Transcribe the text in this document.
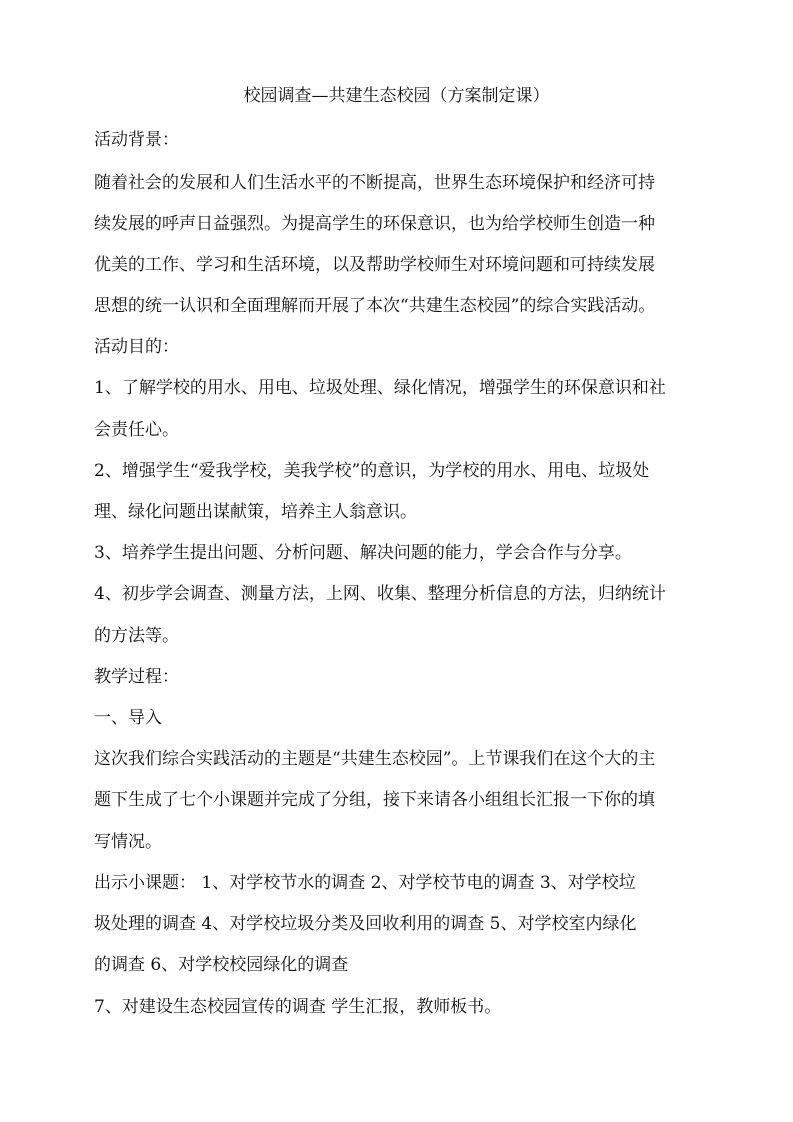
校园调查—共建生态校园（方案制定课）
活动背景：
随着社会的发展和人们生活水平的不断提高，世界生态环境保护和经济可持
续发展的呼声日益强烈。为提高学生的环保意识，也为给学校师生创造一种
优美的工作、学习和生活环境，以及帮助学校师生对环境问题和可持续发展
思想的统一认识和全面理解而开展了本次“共建生态校园”的综合实践活动。
活动目的：
1、了解学校的用水、用电、垃圾处理、绿化情况，增强学生的环保意识和社
会责任心。
2、增强学生“爱我学校，美我学校”的意识，为学校的用水、用电、垃圾处
理、绿化问题出谋献策，培养主人翁意识。
3、培养学生提出问题、分析问题、解决问题的能力，学会合作与分享。
4、初步学会调查、测量方法，上网、收集、整理分析信息的方法，归纳统计
的方法等。
教学过程：
一、导入
这次我们综合实践活动的主题是“共建生态校园”。上节课我们在这个大的主
题下生成了七个小课题并完成了分组，接下来请各小组组长汇报一下你的填
写情况。
出示小课题： 1、对学校节水的调查 2、对学校节电的调查 3、对学校垃
圾处理的调查 4、对学校垃圾分类及回收利用的调查 5、对学校室内绿化
的调查 6、对学校校园绿化的调查
7、对建设生态校园宣传的调查 学生汇报，教师板书。
